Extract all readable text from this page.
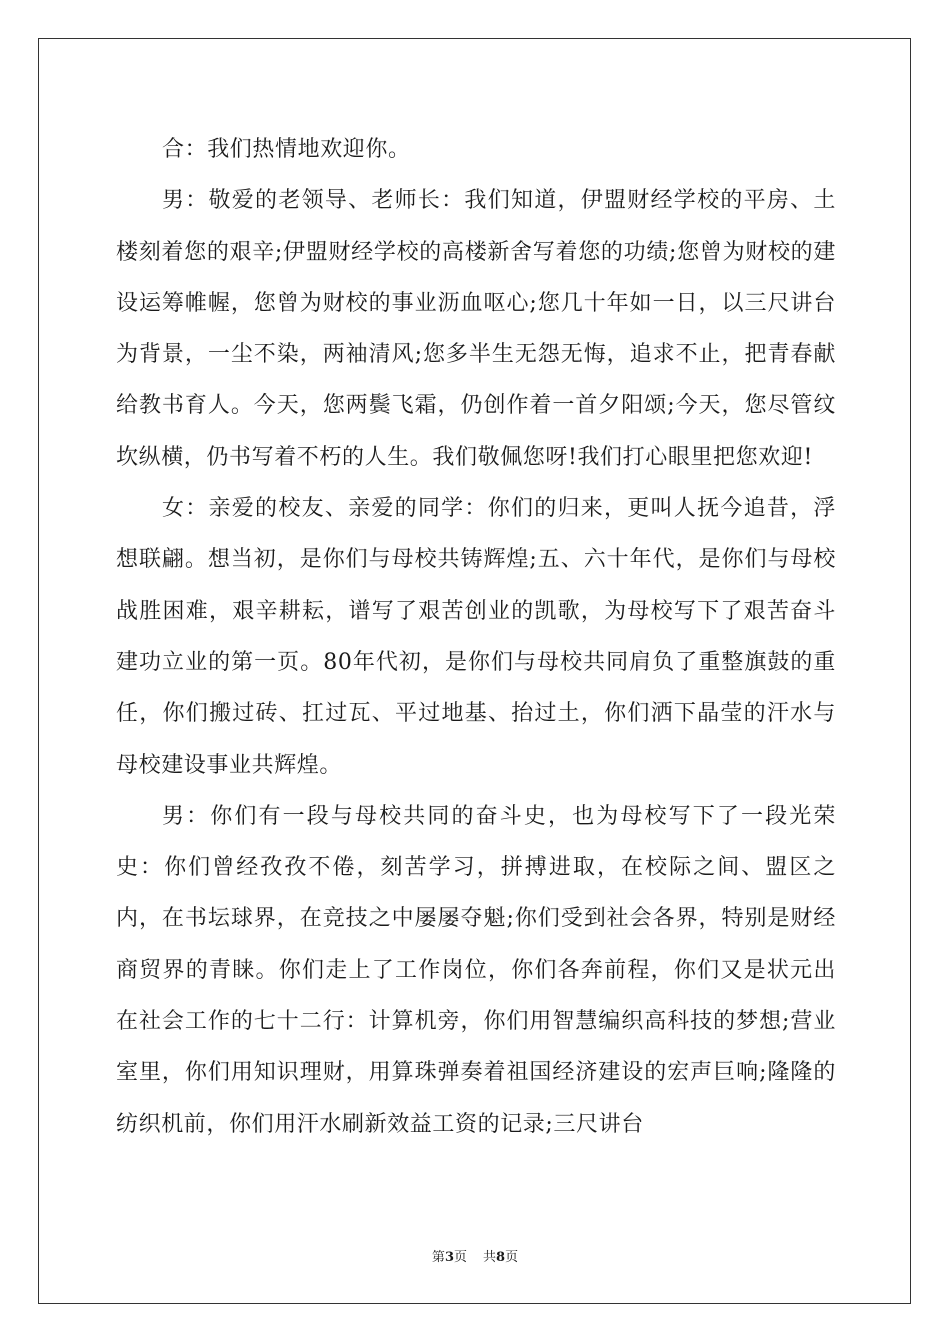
合：我们热情地欢迎你。

男：敬爱的老领导、老师长：我们知道，伊盟财经学校的平房、土楼刻着您的艰辛;伊盟财经学校的高楼新舍写着您的功绩;您曾为财校的建设运筹帷幄，您曾为财校的事业沥血呕心;您几十年如一日，以三尺讲台为背景，一尘不染，两袖清风;您多半生无怨无悔，追求不止，把青春献给教书育人。今天，您两鬓飞霜，仍创作着一首夕阳颂;今天，您尽管纹坎纵横，仍书写着不朽的人生。我们敬佩您呀!我们打心眼里把您欢迎!

女：亲爱的校友、亲爱的同学：你们的归来，更叫人抚今追昔，浮想联翩。想当初，是你们与母校共铸辉煌;五、六十年代，是你们与母校战胜困难，艰辛耕耘，谱写了艰苦创业的凯歌，为母校写下了艰苦奋斗建功立业的第一页。80年代初，是你们与母校共同肩负了重整旗鼓的重任，你们搬过砖、扛过瓦、平过地基、抬过土，你们洒下晶莹的汗水与母校建设事业共辉煌。

男：你们有一段与母校共同的奋斗史，也为母校写下了一段光荣史：你们曾经孜孜不倦，刻苦学习，拼搏进取，在校际之间、盟区之内，在书坛球界，在竞技之中屡屡夺魁;你们受到社会各界，特别是财经商贸界的青睐。你们走上了工作岗位，你们各奔前程，你们又是状元出在社会工作的七十二行：计算机旁，你们用智慧编织高科技的梦想;营业室里，你们用知识理财，用算珠弹奏着祖国经济建设的宏声巨响;隆隆的纺织机前，你们用汗水刷新效益工资的记录;三尺讲台

第3页 共8页
